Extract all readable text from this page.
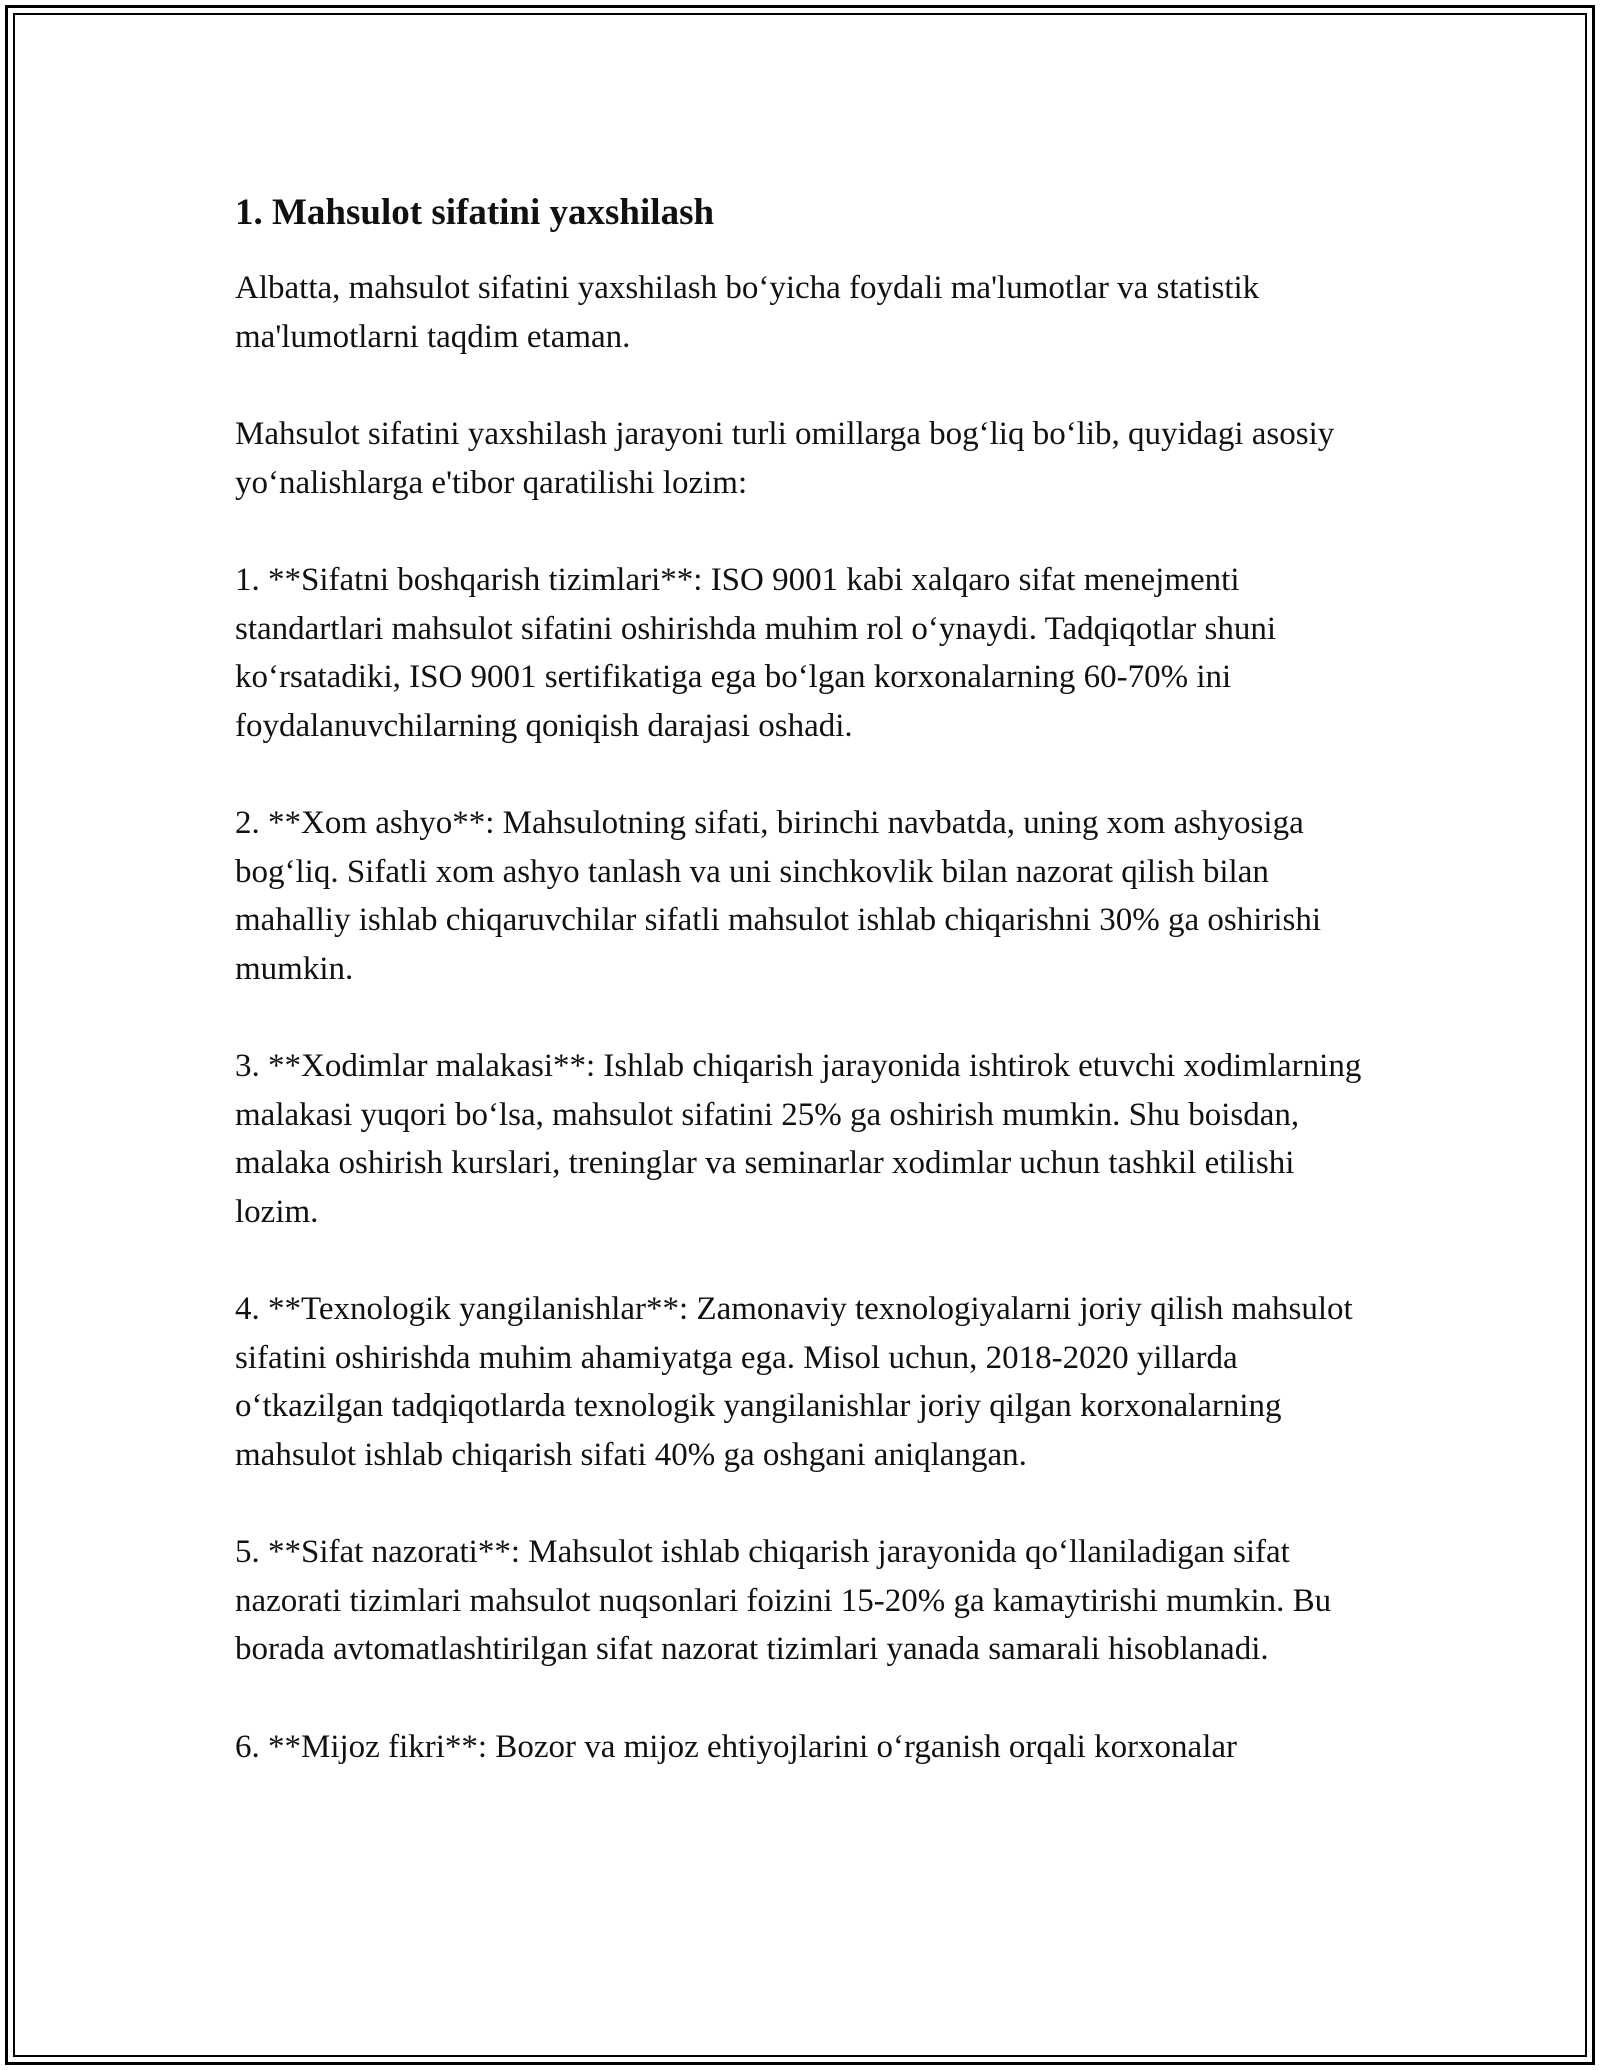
1. Mahsulot sifatini yaxshilash

Albatta, mahsulot sifatini yaxshilash bo‘yicha foydali ma'lumotlar va statistik ma'lumotlarni taqdim etaman.

Mahsulot sifatini yaxshilash jarayoni turli omillarga bog‘liq bo‘lib, quyidagi asosiy yo‘nalishlarga e'tibor qaratilishi lozim:

1. **Sifatni boshqarish tizimlari**: ISO 9001 kabi xalqaro sifat menejmenti standartlari mahsulot sifatini oshirishda muhim rol o‘ynaydi. Tadqiqotlar shuni ko‘rsatadiki, ISO 9001 sertifikatiga ega bo‘lgan korxonalarning 60-70% ini foydalanuvchilarning qoniqish darajasi oshadi.

2. **Xom ashyo**: Mahsulotning sifati, birinchi navbatda, uning xom ashyosiga bog‘liq. Sifatli xom ashyo tanlash va uni sinchkovlik bilan nazorat qilish bilan mahalliy ishlab chiqaruvchilar sifatli mahsulot ishlab chiqarishni 30% ga oshirishi mumkin.

3. **Xodimlar malakasi**: Ishlab chiqarish jarayonida ishtirok etuvchi xodimlarning malakasi yuqori bo‘lsa, mahsulot sifatini 25% ga oshirish mumkin. Shu boisdan, malaka oshirish kurslari, treninglar va seminarlar xodimlar uchun tashkil etilishi lozim.

4. **Texnologik yangilanishlar**: Zamonaviy texnologiyalarni joriy qilish mahsulot sifatini oshirishda muhim ahamiyatga ega. Misol uchun, 2018-2020 yillarda o‘tkazilgan tadqiqotlarda texnologik yangilanishlar joriy qilgan korxonalarning mahsulot ishlab chiqarish sifati 40% ga oshgani aniqlangan.

5. **Sifat nazorati**: Mahsulot ishlab chiqarish jarayonida qo‘llaniladigan sifat nazorati tizimlari mahsulot nuqsonlari foizini 15-20% ga kamaytirishi mumkin. Bu borada avtomatlashtirilgan sifat nazorat tizimlari yanada samarali hisoblanadi.

6. **Mijoz fikri**: Bozor va mijoz ehtiyojlarini o‘rganish orqali korxonalar
